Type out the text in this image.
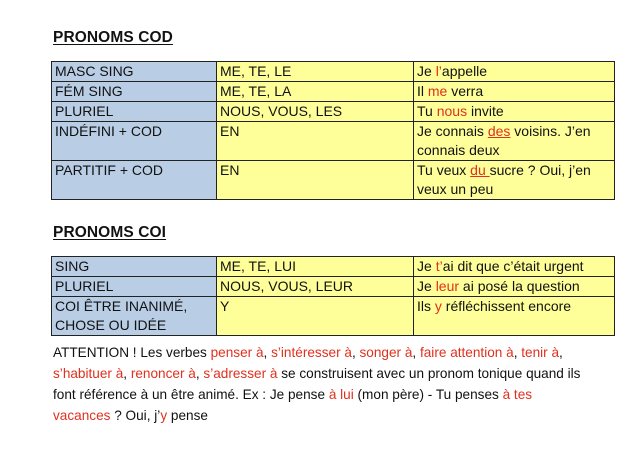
PRONOMS COD
MASC SING	ME, TE, LE	Je l’appelle
FÉM SING	ME, TE, LA	Il me verra
PLURIEL	NOUS, VOUS, LES	Tu nous invite
INDÉFINI + COD	EN	Je connais des voisins. J’en connais deux
PARTITIF + COD	EN	Tu veux du sucre ? Oui, j’en veux un peu
PRONOMS COI
SING	ME, TE, LUI	Je t’ai dit que c’était urgent
PLURIEL	NOUS, VOUS, LEUR	Je leur ai posé la question
COI ÊTRE INANIMÉ, CHOSE OU IDÉE	Y	Ils y réfléchissent encore
ATTENTION ! Les verbes penser à, s’intéresser à, songer à, faire attention à, tenir à, s’habituer à, renoncer à, s’adresser à se construisent avec un pronom tonique quand ils font référence à un être animé. Ex : Je pense à lui (mon père) - Tu penses à tes vacances ? Oui, j’y pense
